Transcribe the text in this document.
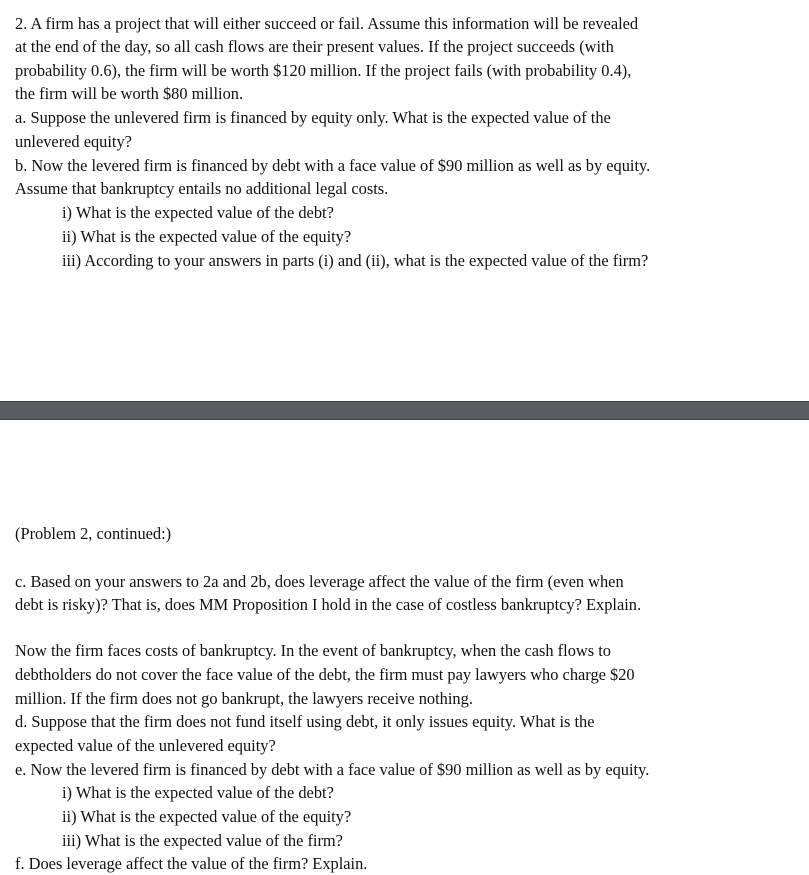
2. A firm has a project that will either succeed or fail. Assume this information will be revealed
at the end of the day, so all cash flows are their present values. If the project succeeds (with
probability 0.6), the firm will be worth $120 million. If the project fails (with probability 0.4),
the firm will be worth $80 million.
a. Suppose the unlevered firm is financed by equity only. What is the expected value of the
unlevered equity?
b. Now the levered firm is financed by debt with a face value of $90 million as well as by equity.
Assume that bankruptcy entails no additional legal costs.
i) What is the expected value of the debt?
ii) What is the expected value of the equity?
iii) According to your answers in parts (i) and (ii), what is the expected value of the firm?
(Problem 2, continued:)
c. Based on your answers to 2a and 2b, does leverage affect the value of the firm (even when
debt is risky)? That is, does MM Proposition I hold in the case of costless bankruptcy? Explain.
Now the firm faces costs of bankruptcy. In the event of bankruptcy, when the cash flows to
debtholders do not cover the face value of the debt, the firm must pay lawyers who charge $20
million. If the firm does not go bankrupt, the lawyers receive nothing.
d. Suppose that the firm does not fund itself using debt, it only issues equity. What is the
expected value of the unlevered equity?
e. Now the levered firm is financed by debt with a face value of $90 million as well as by equity.
i) What is the expected value of the debt?
ii) What is the expected value of the equity?
iii) What is the expected value of the firm?
f. Does leverage affect the value of the firm? Explain.
